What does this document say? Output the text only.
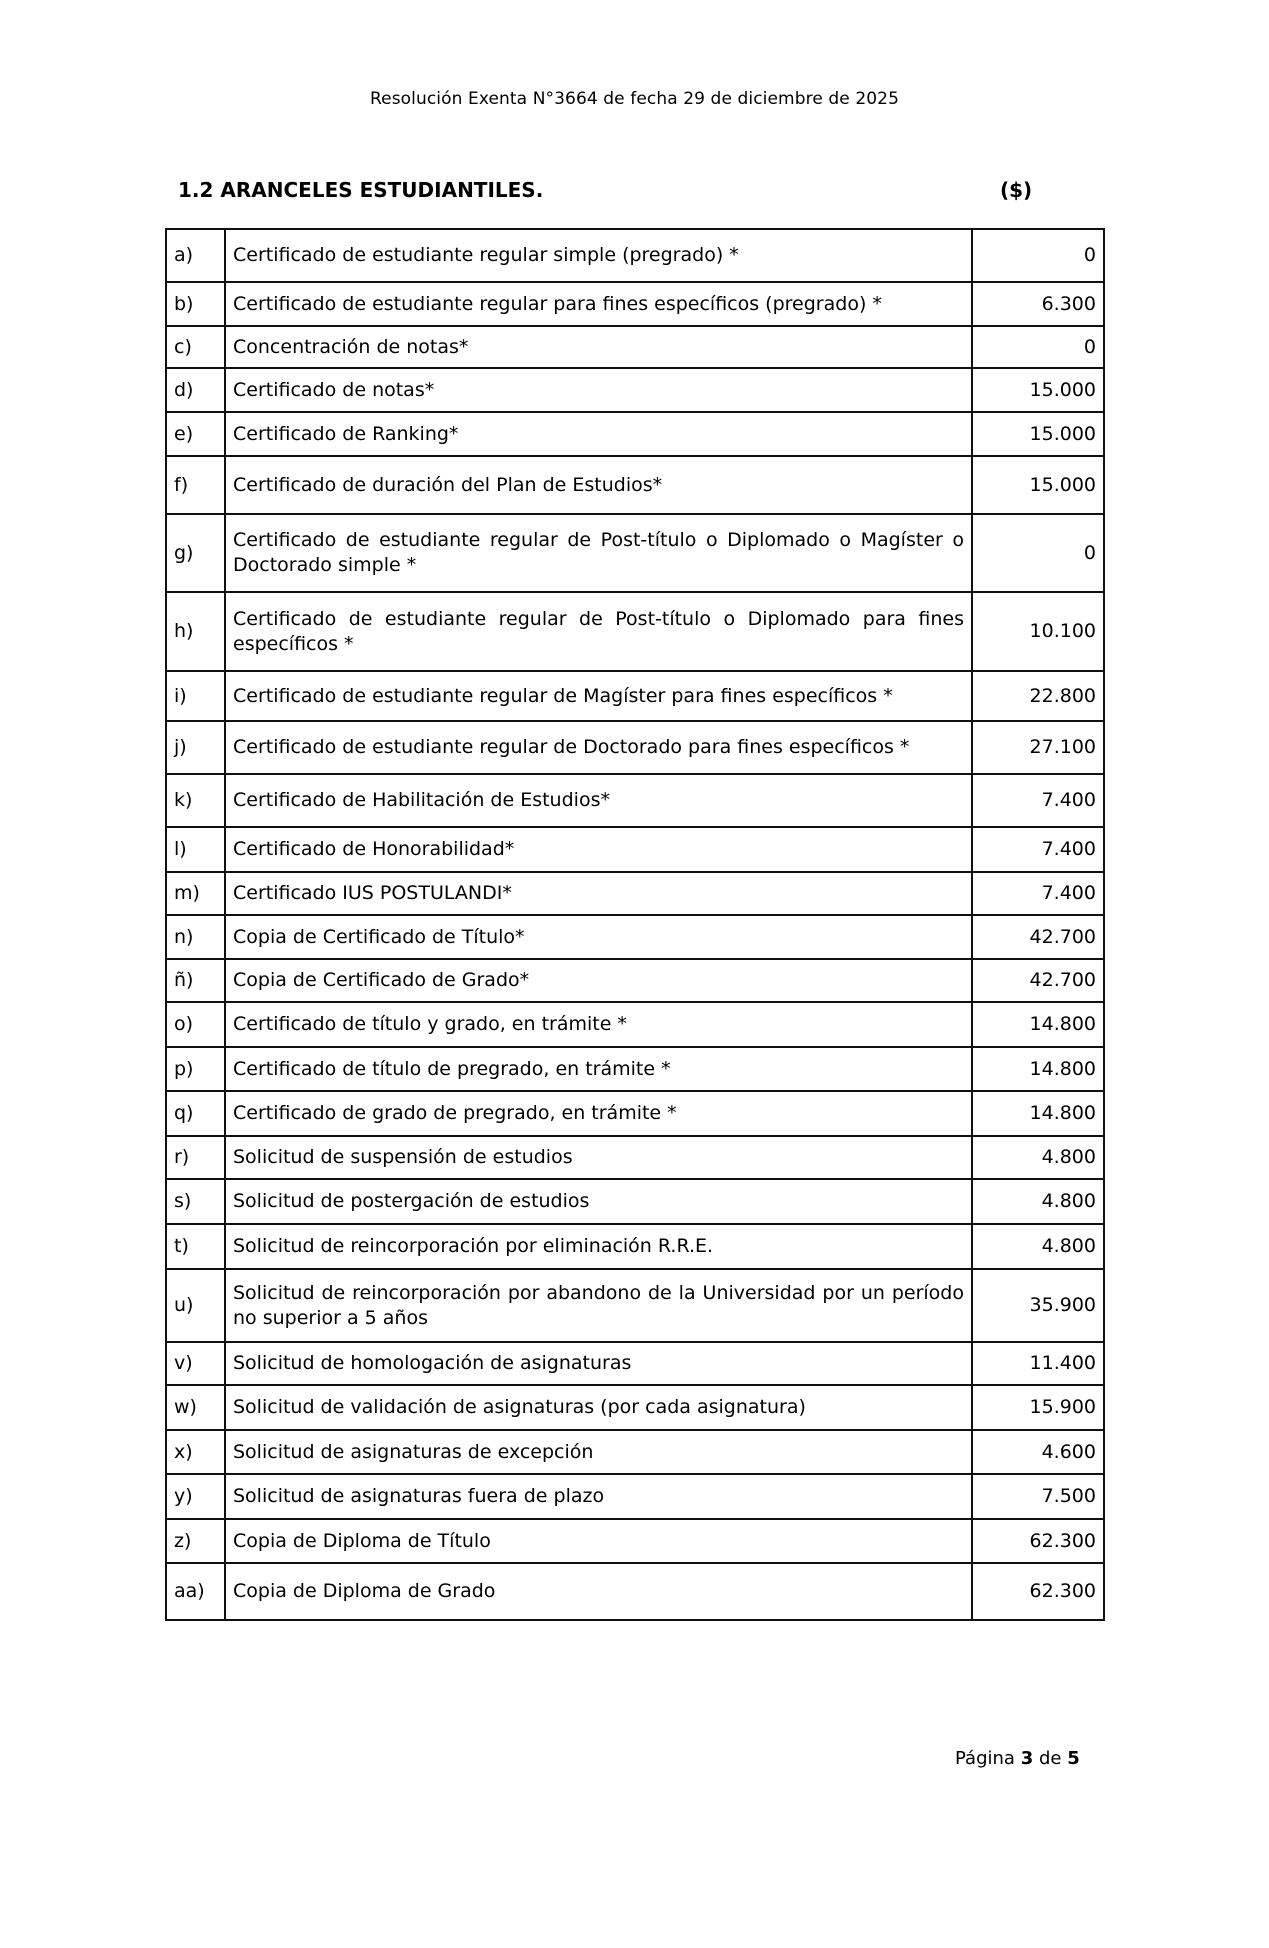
Resolución Exenta N°3664 de fecha 29 de diciembre de 2025
1.2 ARANCELES ESTUDIANTILES.	($)
a)	Certificado de estudiante regular simple (pregrado) *	0
b)	Certificado de estudiante regular para fines específicos (pregrado) *	6.300
c)	Concentración de notas*	0
d)	Certificado de notas*	15.000
e)	Certificado de Ranking*	15.000
f)	Certificado de duración del Plan de Estudios*	15.000
g)	Certificado de estudiante regular de Post-título o Diplomado o Magíster o Doctorado simple *	0
h)	Certificado de estudiante regular de Post-título o Diplomado para fines específicos *	10.100
i)	Certificado de estudiante regular de Magíster para fines específicos *	22.800
j)	Certificado de estudiante regular de Doctorado para fines específicos *	27.100
k)	Certificado de Habilitación de Estudios*	7.400
l)	Certificado de Honorabilidad*	7.400
m)	Certificado IUS POSTULANDI*	7.400
n)	Copia de Certificado de Título*	42.700
ñ)	Copia de Certificado de Grado*	42.700
o)	Certificado de título y grado, en trámite *	14.800
p)	Certificado de título de pregrado, en trámite *	14.800
q)	Certificado de grado de pregrado, en trámite *	14.800
r)	Solicitud de suspensión de estudios	4.800
s)	Solicitud de postergación de estudios	4.800
t)	Solicitud de reincorporación por eliminación R.R.E.	4.800
u)	Solicitud de reincorporación por abandono de la Universidad por un período no superior a 5 años	35.900
v)	Solicitud de homologación de asignaturas	11.400
w)	Solicitud de validación de asignaturas (por cada asignatura)	15.900
x)	Solicitud de asignaturas de excepción	4.600
y)	Solicitud de asignaturas fuera de plazo	7.500
z)	Copia de Diploma de Título	62.300
aa)	Copia de Diploma de Grado	62.300
Página 3 de 5
